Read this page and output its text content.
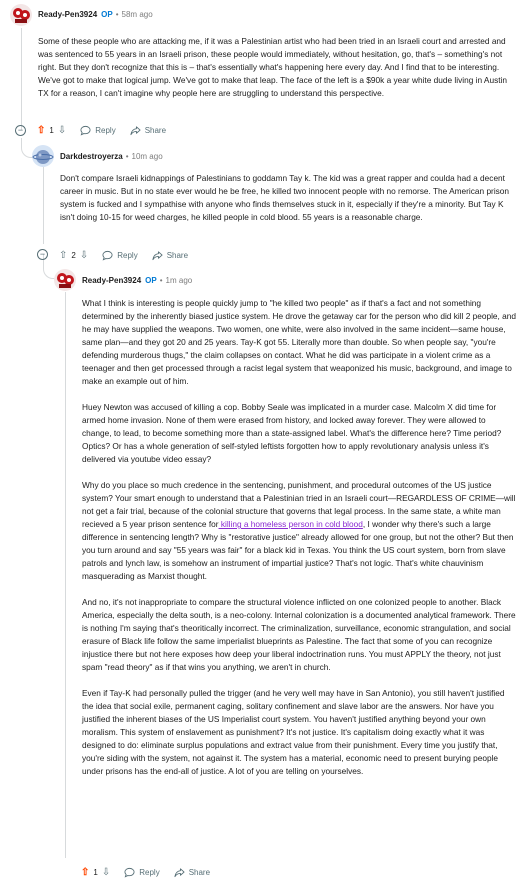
Ready-Pen3924 OP • 58m ago

Some of these people who are attacking me, if it was a Palestinian artist who had been tried in an Israeli court and arrested and was sentenced to 55 years in an Israeli prison, these people would immediately, without hesitation, go, that's – something's not right. But they don't recognize that this is – that's essentially what's happening here every day. And I find that to be interesting. We've got to make that logical jump. We've got to make that leap. The face of the left is a $90k a year white dude living in Austin TX for a reason, I can't imagine why people here are struggling to understand this perspective.

− ⇧ 1 ⇩	Reply	Share
Darkdestroyerza • 10m ago

Don't compare Israeli kidnappings of Palestinians to goddamn Tay k. The kid was a great rapper and coulda had a decent career in music. But in no state ever would he be free, he killed two innocent people with no remorse. The American prison system is fucked and I sympathise with anyone who finds themselves stuck in it, especially if they're a minority. But Tay K isn't doing 10-15 for weed charges, he killed people in cold blood. 55 years is a reasonable charge.

− ⇧ 2 ⇩	Reply	Share
Ready-Pen3924 OP • 1m ago

What I think is interesting is people quickly jump to "he killed two people" as if that's a fact and not something determined by the inherently biased justice system. He drove the getaway car for the person who did kill 2 people, and he may have supplied the weapons. Two women, one white, were also involved in the same incident—same house, same plan—and they got 20 and 25 years. Tay-K got 55. Literally more than double. So when people say, "you're defending murderous thugs," the claim collapses on contact. What he did was participate in a violent crime as a teenager and then get processed through a racist legal system that weaponized his music, background, and image to make an example out of him.

Huey Newton was accused of killing a cop. Bobby Seale was implicated in a murder case. Malcolm X did time for armed home invasion. None of them were erased from history, and locked away forever. They were allowed to change, to lead, to become something more than a state-assigned label. What's the difference here? Time period? Optics? Or has a whole generation of self-styled leftists forgotten how to apply revolutionary analysis unless it's delivered via youtube video essay?

Why do you place so much credence in the sentencing, punishment, and procedural outcomes of the US justice system? Your smart enough to understand that a Palestinian tried in an Israeli court—REGARDLESS OF CRIME—will not get a fair trial, because of the colonial structure that governs that legal process. In the same state, a white man recieved a 5 year prison sentence for killing a homeless person in cold blood, I wonder why there's such a large difference in sentencing length? Why is "restorative justice" already allowed for one group, but not the other? But then you turn around and say "55 years was fair" for a black kid in Texas. You think the US court system, born from slave patrols and lynch law, is somehow an instrument of impartial justice? That's not logic. That's white chauvinism masquerading as Marxist thought.

And no, it's not inappropriate to compare the structural violence inflicted on one colonized people to another. Black America, especially the delta south, is a neo-colony. Internal colonization is a documented analytical framework. There is nothing I'm saying that's theoritically incorrect. The criminalization, surveillance, economic strangulation, and social erasure of Black life follow the same imperialist blueprints as Palestine. The fact that some of you can recognize injustice there but not here exposes how deep your liberal indoctrination runs. You must APPLY the theory, not just spam "read theory" as if that wins you anything, we aren't in church.

Even if Tay-K had personally pulled the trigger (and he very well may have in San Antonio), you still haven't justified the idea that social exile, permanent caging, solitary confinement and slave labor are the answers. Nor have you justified the inherent biases of the US Imperialist court system. You haven't justified anything beyond your own moralism. This system of enslavement as punishment? It's not justice. It's capitalism doing exactly what it was designed to do: eliminate surplus populations and extract value from their punishment. Every time you justify that, you're siding with the system, not against it. The system has a material, economic need to present burying people under prisons has the end-all of justice. A lot of you are telling on yourselves.

⇧ 1 ⇩	Reply	Share
